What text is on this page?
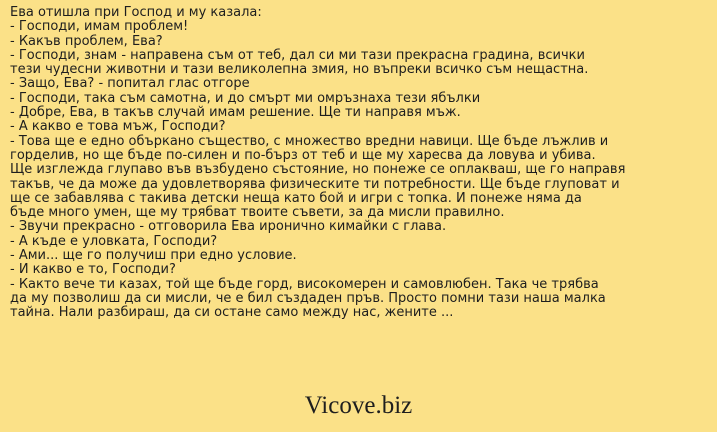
Ева отишла при Господ и му казала:
- Господи, имам проблем!
- Какъв проблем, Ева?
- Господи, знам - направена съм от теб, дал си ми тази прекрасна градина, всички
тези чудесни животни и тази великолепна змия, но въпреки всичко съм нещастна.
- Защо, Ева? - попитал глас отгоре
- Господи, така съм самотна, и до смърт ми омръзнаха тези ябълки
- Добре, Ева, в такъв случай имам решение. Ще ти направя мъж.
- А какво е това мъж, Господи?
- Това ще е едно объркано същество, с множество вредни навици. Ще бъде лъжлив и
горделив, но ще бъде по-силен и по-бърз от теб и ще му харесва да ловува и убива.
Ще изглежда глупаво във възбудено състояние, но понеже се оплакваш, ще го направя
такъв, че да може да удовлетворява физическите ти потребности. Ще бъде глуповат и
ще се забавлява с такива детски неща като бой и игри с топка. И понеже няма да
бъде много умен, ще му трябват твоите съвети, за да мисли правилно.
- Звучи прекрасно - отговорила Ева иронично кимайки с глава.
- А къде е уловката, Господи?
- Ами... ще го получиш при едно условие.
- И какво е то, Господи?
- Както вече ти казах, той ще бъде горд, високомерен и самовлюбен. Така че трябва
да му позволиш да си мисли, че е бил създаден пръв. Просто помни тази наша малка
тайна. Нали разбираш, да си остане само между нас, жените ...
Vicove.biz
